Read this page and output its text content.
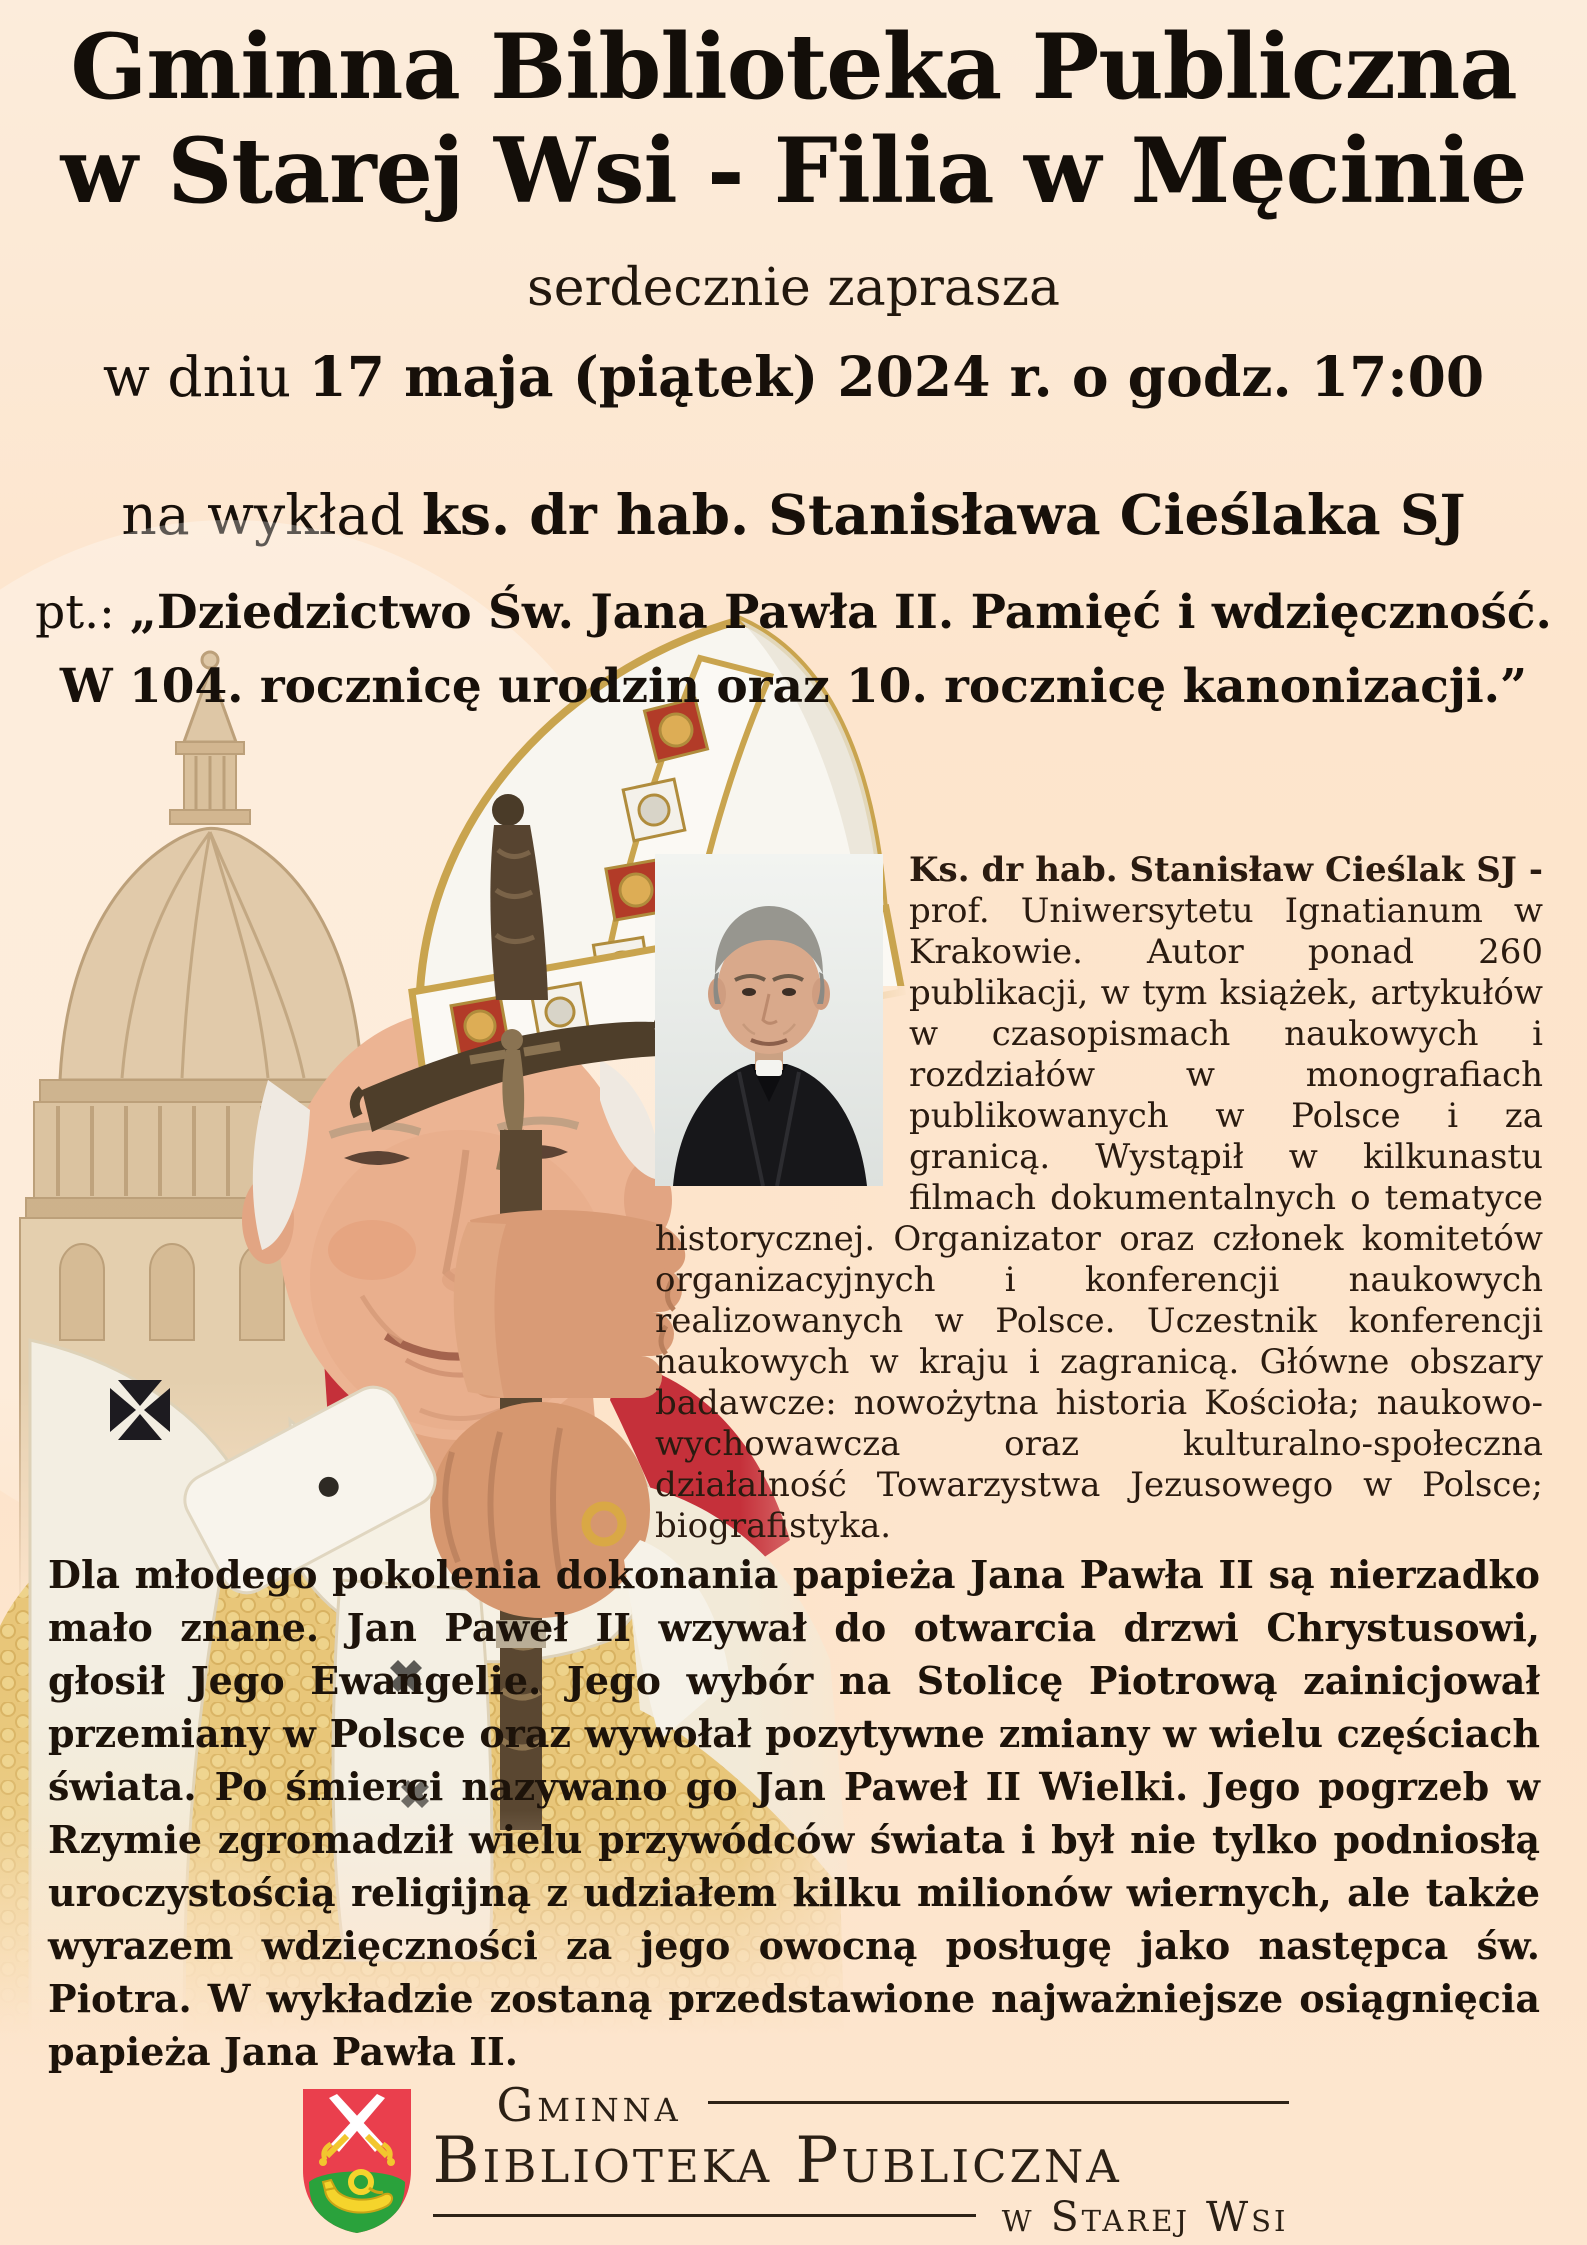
Gminna Biblioteka Publiczna
w Starej Wsi - Filia w Męcinie
serdecznie zaprasza
w dniu 17 maja (piątek) 2024 r. o godz. 17:00
na wykład ks. dr hab. Stanisława Cieślaka SJ
pt.: „Dziedzictwo Św. Jana Pawła II. Pamięć i wdzięczność.
W 104. rocznicę urodzin oraz 10. rocznicę kanonizacji.”

Ks. dr hab. Stanisław Cieślak SJ - prof. Uniwersytetu Ignatianum w Krakowie. Autor ponad 260 publikacji, w tym książek, artykułów w czasopismach naukowych i rozdziałów w monografiach publikowanych w Polsce i za granicą. Wystąpił w kilkunastu filmach dokumentalnych o tematyce historycznej. Organizator oraz członek komitetów organizacyjnych i konferencji naukowych realizowanych w Polsce. Uczestnik konferencji naukowych w kraju i zagranicą. Główne obszary badawcze: nowożytna historia Kościoła; naukowo-wychowawcza oraz kulturalno-społeczna działalność Towarzystwa Jezusowego w Polsce; biografistyka.

Dla młodego pokolenia dokonania papieża Jana Pawła II są nierzadko mało znane. Jan Paweł II wzywał do otwarcia drzwi Chrystusowi, głosił Jego Ewangelie. Jego wybór na Stolicę Piotrową zainicjował przemiany w Polsce oraz wywołał pozytywne zmiany w wielu częściach świata. Po śmierci nazywano go Jan Paweł II Wielki. Jego pogrzeb w Rzymie zgromadził wielu przywódców świata i był nie tylko podniosłą uroczystością religijną z udziałem kilku milionów wiernych, ale także wyrazem wdzięczności za jego owocną posługę jako następca św. Piotra. W wykładzie zostaną przedstawione najważniejsze osiągnięcia papieża Jana Pawła II.

Gminna
Biblioteka Publiczna
w Starej Wsi
